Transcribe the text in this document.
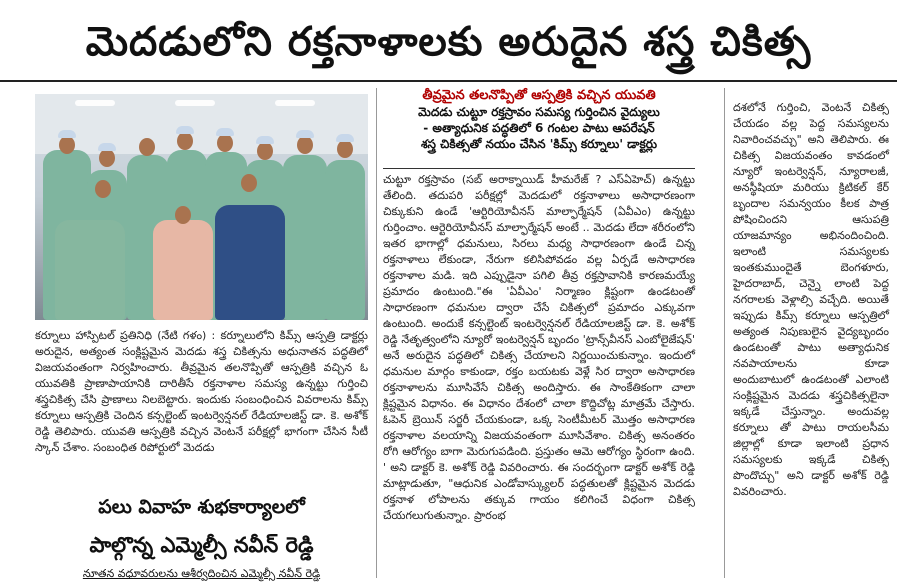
మెదడులోని రక్తనాళాలకు అరుదైన శస్త్ర చికిత్స

కర్నూలు హాస్పిటల్ ప్రతినిధి (నేటి గళం) : కర్నూలులోని కిమ్స్ ఆస్పత్రి డాక్టర్లు అరుదైన, అత్యంత సంక్లిష్టమైన మెదడు శస్త్ర చికిత్సను అధునాతన పద్ధతిలో విజయవంతంగా నిర్వహించారు. తీవ్రమైన తలనొప్పితో ఆస్పత్రికి వచ్చిన ఓ యువతికి ప్రాణాపాయానికి దారితీసే రక్తనాళాల సమస్య ఉన్నట్టు గుర్తించి శస్త్రచికిత్స చేసి ప్రాణాలు నిలబెట్టారు. ఇందుకు సంబంధించిన వివరాలను కిమ్స్ కర్నూలు ఆస్పత్రికి చెందిన కన్సల్టెంట్ ఇంటర్వెన్షనల్ రేడియాలజిస్ట్ డా. కె. అశోక్ రెడ్డి తెలిపారు. యువతి ఆస్పత్రికి వచ్చిన వెంటనే పరీక్షల్లో భాగంగా చేసిన సీటీ స్కాన్ చేశాం. సంబంధిత రిపోర్టులో మెదడు

పలు వివాహ శుభకార్యాలలో
పాల్గొన్న ఎమ్మెల్సీ నవీన్ రెడ్డి
నూతన వధూవరులను ఆశీర్వదించిన ఎమ్మెల్సీ నవీన్ రెడ్డి
తీవ్రమైన తలనొప్పితో ఆస్పత్రికి వచ్చిన యువతి
మెదడు చుట్టూ రక్తస్రావం సమస్య గుర్తించిన వైద్యులు
- అత్యాధునిక పద్ధతిలో 6 గంటల పాటు ఆపరేషన్
శస్త్ర చికిత్సతో నయం చేసిన 'కిమ్స్ కర్నూలు' డాక్టర్లు

చుట్టూ రక్తస్రావం (సబ్ అరాక్నాయిడ్ హీమరేజ్ ? ఎస్ఏహెచ్) ఉన్నట్టు తేలింది. తదుపరి పరీక్షల్లో మెదడులో రక్తనాళాలు అసాధారణంగా చిక్కుకుని ఉండే 'ఆర్టిరియోవీనస్ మాల్ఫార్మేషన్ (ఏవీఎం) ఉన్నట్టు గుర్తించాం. ఆర్టెరియోవీనస్ మాల్ఫార్మేషన్ అంటే .. మెదడు లేదా శరీరంలోని ఇతర భాగాల్లో ధమనులు, సిరలు మధ్య సాధారణంగా ఉండే చిన్న రక్తనాళాలు లేకుండా, నేరుగా కలిసిపోవడం వల్ల ఏర్పడే అసాధారణ రక్తనాళాల మడి. ఇది ఎప్పుడైనా పగిలి తీవ్ర రక్తస్రావానికి కారణమయ్యే ప్రమాదం ఉంటుంది."ఈ 'ఏవీఎం' నిర్మాణం క్లిష్టంగా ఉండటంతో సాధారణంగా ధమనుల ద్వారా చేసే చికిత్సలో ప్రమాదం ఎక్కువగా ఉంటుంది. అందుకే కన్సల్టెంట్ ఇంటర్వెన్షనల్ రేడియాలజిస్ట్ డా. కె. అశోక్ రెడ్డి నేతృత్వంలోని న్యూరో ఇంటర్వెన్షన్ బృందం 'ట్రాన్స్‌వీనస్ ఎంబోలైజేషన్' అనే అరుదైన పద్ధతిలో చికిత్స చేయాలని నిర్ణయించుకున్నాం. ఇందులో ధమనుల మార్గం కాకుండా, రక్తం బయటకు వెళ్లే సిర ద్వారా అసాధారణ రక్తనాళాలను మూసివేసే చికిత్స అందిస్తారు. ఈ సాంకేతికంగా చాలా క్లిష్టమైన విధానం. ఈ విధానం దేశంలో చాలా కొద్దిచోట్ల మాత్రమే చేస్తారు. ఓపెన్ బ్రెయిన్ సర్జరీ చేయకుండా, ఒక్క సెంటీమీటర్ మొత్తం అసాధారణ రక్తనాళాల వలయాన్ని విజయవంతంగా మూసివేశాం. చికిత్స అనంతరం రోగి ఆరోగ్యం బాగా మెరుగుపడింది. ప్రస్తుతం ఆమె ఆరోగ్యం స్థిరంగా ఉంది. ' అని డాక్టర్ కె. అశోక్ రెడ్డి వివరించారు. ఈ సందర్భంగా డాక్టర్ అశోక్ రెడ్డి మాట్లాడుతూ, "ఆధునిక ఎండోవాస్క్యులర్ పద్ధతులతో క్లిష్టమైన మెదడు రక్తనాళ లోపాలను తక్కువ గాయం కలిగించే విధంగా చికిత్స చేయగలుగుతున్నాం. ప్రారంభ

దశలోనే గుర్తించి, వెంటనే చికిత్స చేయడం వల్ల పెద్ద సమస్యలను నివారించవచ్చు" అని తెలిపారు. ఈ చికిత్స విజయవంతం కావడంలో న్యూరో ఇంటర్వెన్షన్, న్యూరాలజీ, అనస్థీషియా మరియు క్రిటికల్ కేర్ బృందాల సమన్వయం కీలక పాత్ర పోషించిందని ఆసుపత్రి యాజమాన్యం అభినందించింది. ఇలాంటి సమస్యలకు ఇంతకుముందైతే బెంగళూరు, హైదరాబాద్, చెన్నై లాంటి పెద్ద నగరాలకు వెళ్లాల్సి వచ్చేది. అయితే ఇప్పుడు కిమ్స్ కర్నూలు ఆస్పత్రిలో అత్యంత నిపుణులైన వైద్యబృందం ఉండటంతో పాటు అత్యాధునిక నవపాయాలను కూడా అందుబాటులో ఉండటంతో ఎలాంటి సంక్లిష్టమైన మెదడు శస్త్రచికిత్సలైనా ఇక్కడే చేస్తున్నాం. అందువల్ల కర్నూలు తో పాటు రాయలసీమ జిల్లాల్లో కూడా ఇలాంటి ప్రధాన సమస్యలకు ఇక్కడే చికిత్స పొందొచ్చు" అని డాక్టర్ అశోక్ రెడ్డి వివరించారు.
